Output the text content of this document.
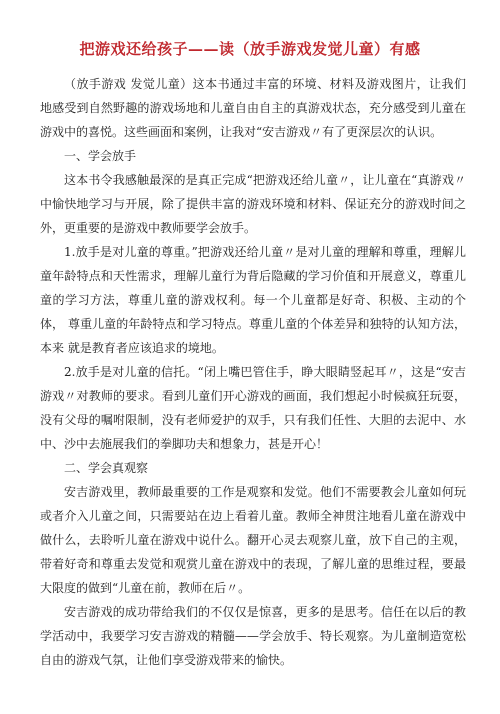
把游戏还给孩子——读（放手游戏发觉儿童）有感

（放手游戏 发觉儿童）这本书通过丰富的环境、材料及游戏图片，让我们 地感受到自然野趣的游戏场地和儿童自由自主的真游戏状态，充分感受到儿童在 游戏中的喜悦。这些画面和案例，让我对“安吉游戏〃有了更深层次的认识。

一、学会放手

这本书令我感触最深的是真正完成“把游戏还给儿童〃，让儿童在“真游戏〃中愉快地学习与开展，除了提供丰富的游戏环境和材料、保证充分的游戏时间之 外，更重要的是游戏中教师要学会放手。

1.放手是对儿童的尊重。”把游戏还给儿童〃是对儿童的理解和尊重，理解儿 童年龄特点和天性需求，理解儿童行为背后隐藏的学习价值和开展意义，尊重儿 童的学习方法，尊重儿童的游戏权利。每一个儿童都是好奇、积极、主动的个体， 尊重儿童的年龄特点和学习特点。尊重儿童的个体差异和独特的认知方法，本来 就是教育者应该追求的境地。

2.放手是对儿童的信托。“闭上嘴巴管住手，睁大眼睛竖起耳〃，这是“安吉游戏〃对教师的要求。看到儿童们开心游戏的画面，我们想起小时候疯狂玩耍，没有父母的嘱咐限制，没有老师爱护的双手，只有我们任性、大胆的去泥中、水 中、沙中去施展我们的拳脚功夫和想象力，甚是开心！

二、学会真观察

安吉游戏里，教师最重要的工作是观察和发觉。他们不需要教会儿童如何玩 或者介入儿童之间，只需要站在边上看着儿童。教师全神贯注地看儿童在游戏中 做什么，去聆听儿童在游戏中说什么。翻开心灵去观察儿童，放下自己的主观，带着好奇和尊重去发觉和观赏儿童在游戏中的表现，了解儿童的思维过程，要最 大限度的做到“儿童在前，教师在后〃。

安吉游戏的成功带给我们的不仅仅是惊喜，更多的是思考。信任在以后的教 学活动中，我要学习安吉游戏的精髓——学会放手、特长观察。为儿童制造宽松 自由的游戏气氛，让他们享受游戏带来的愉快。
